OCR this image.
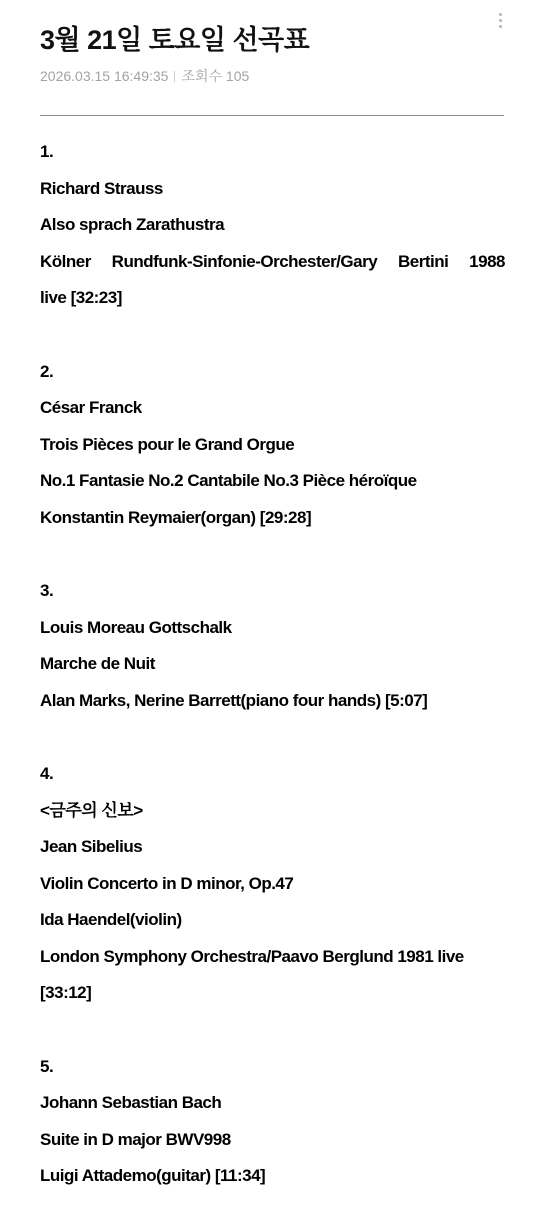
3월 21일 토요일 선곡표
2026.03.15 16:49:35 조회수 105
1.
Richard Strauss
Also sprach Zarathustra
Kölner Rundfunk-Sinfonie-Orchester/Gary Bertini 1988
live [32:23]
2.
César Franck
Trois Pièces pour le Grand Orgue
No.1 Fantasie No.2 Cantabile No.3 Pièce héroïque
Konstantin Reymaier(organ) [29:28]
3.
Louis Moreau Gottschalk
Marche de Nuit
Alan Marks, Nerine Barrett(piano four hands) [5:07]
4.
<금주의 신보>
Jean Sibelius
Violin Concerto in D minor, Op.47
Ida Haendel(violin)
London Symphony Orchestra/Paavo Berglund 1981 live
[33:12]
5.
Johann Sebastian Bach
Suite in D major BWV998
Luigi Attademo(guitar) [11:34]
